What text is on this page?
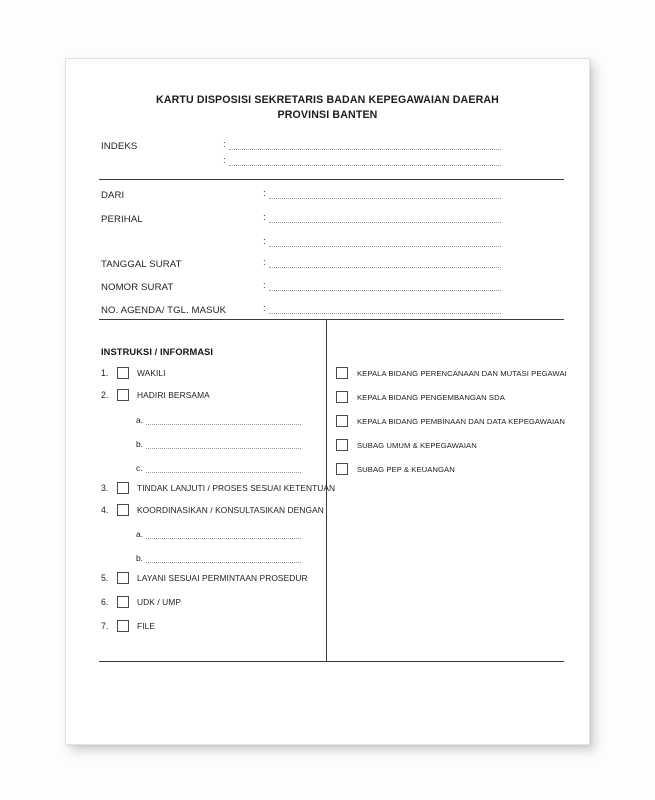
KARTU DISPOSISI SEKRETARIS BADAN KEPEGAWAIAN DAERAH
PROVINSI BANTEN
INDEKS	:
:
DARI	:
PERIHAL	:
:
TANGGAL SURAT	:
NOMOR SURAT	:
NO. AGENDA/ TGL. MASUK	:
INSTRUKSI / INFORMASI
1.	WAKILI
2.	HADIRI BERSAMA
a.
b.
c.
3.	TINDAK LANJUTI / PROSES SESUAI KETENTUAN
4.	KOORDINASIKAN / KONSULTASIKAN DENGAN
a.
b.
5.	LAYANI SESUAI PERMINTAAN PROSEDUR
6.	UDK / UMP
7.	FILE
KEPALA BIDANG PERENCANAAN DAN MUTASI PEGAWAI
KEPALA BIDANG PENGEMBANGAN SDA
KEPALA BIDANG PEMBINAAN DAN DATA KEPEGAWAIAN
SUBAG UMUM & KEPEGAWAIAN
SUBAG PEP & KEUANGAN
